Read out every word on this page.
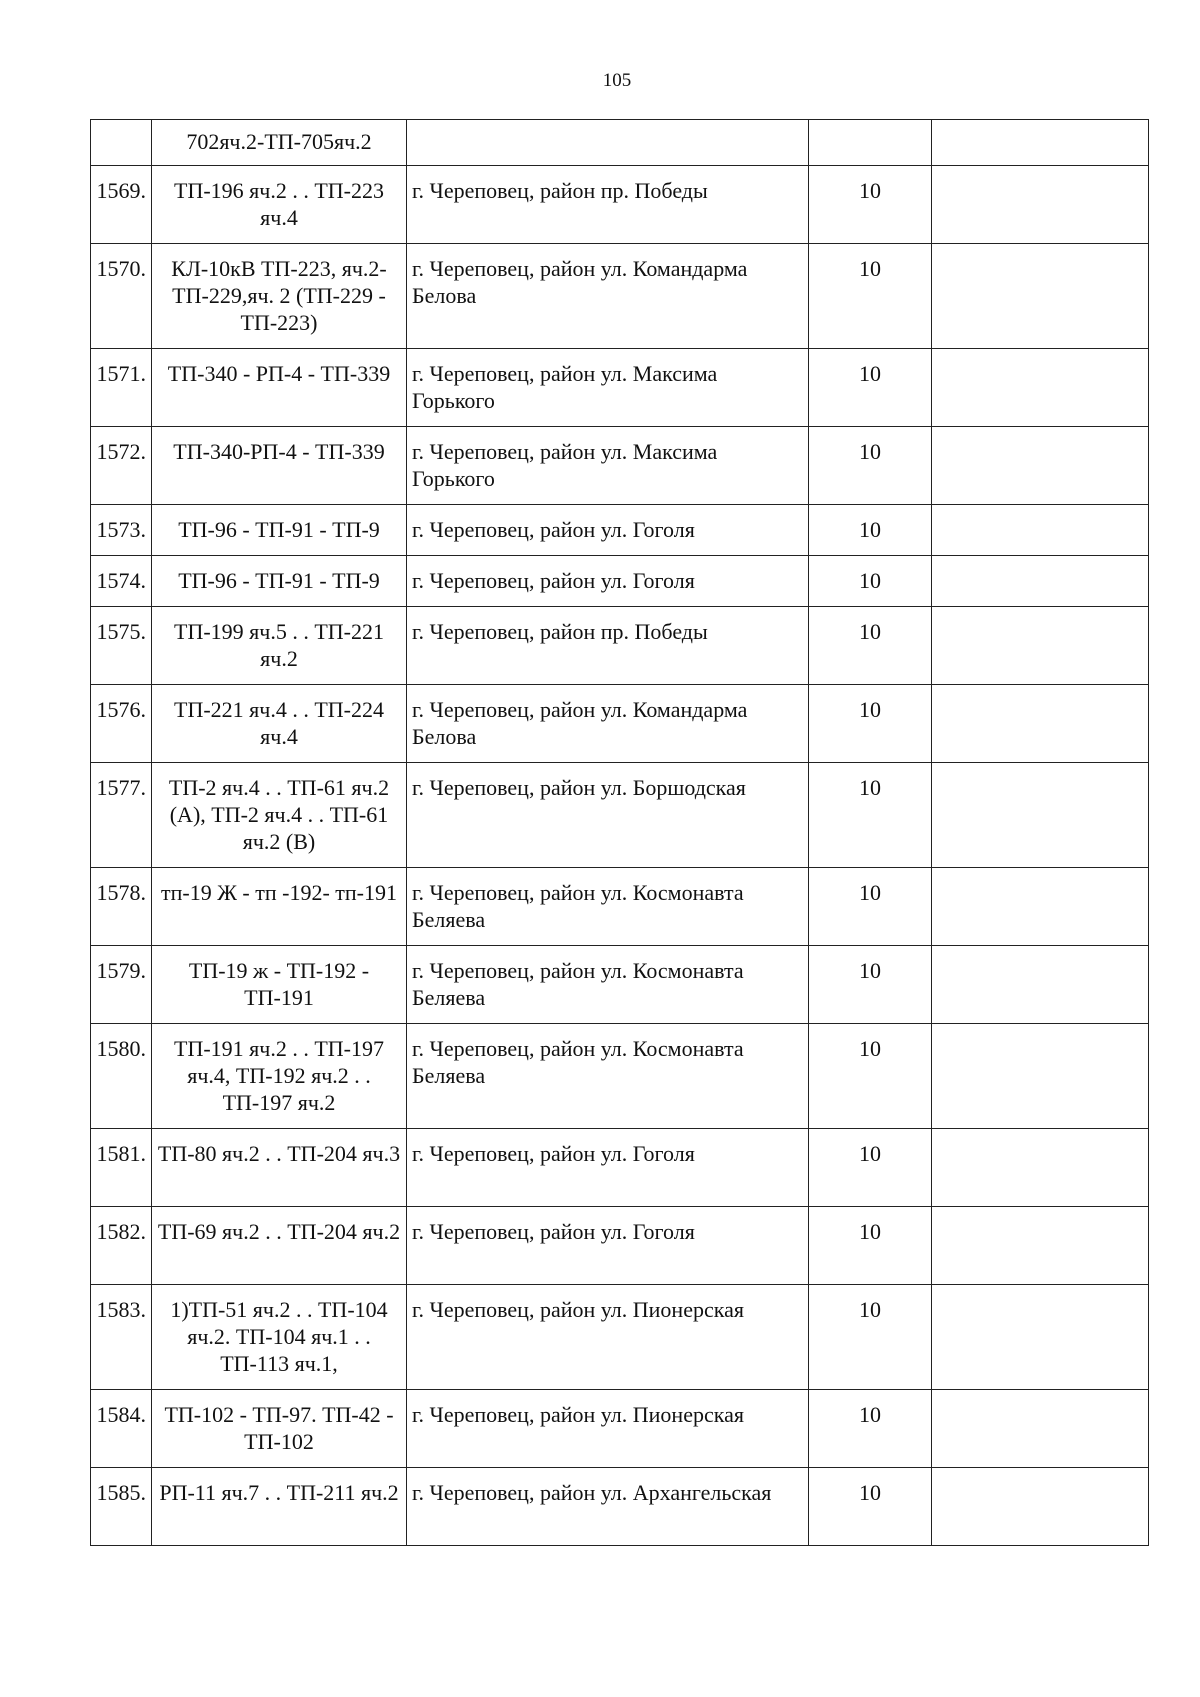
105
	702яч.2-ТП-705яч.2			
1569.	ТП-196 яч.2 . . ТП-223 яч.4	г. Череповец, район пр. Победы	10	
1570.	КЛ-10кВ ТП-223, яч.2-ТП-229,яч. 2 (ТП-229 - ТП-223)	г. Череповец, район ул. Командарма Белова	10	
1571.	ТП-340 - РП-4 - ТП-339	г. Череповец, район ул. Максима Горького	10	
1572.	ТП-340-РП-4 - ТП-339	г. Череповец, район ул. Максима Горького	10	
1573.	ТП-96 - ТП-91 - ТП-9	г. Череповец, район ул. Гоголя	10	
1574.	ТП-96 - ТП-91 - ТП-9	г. Череповец, район ул. Гоголя	10	
1575.	ТП-199 яч.5 . . ТП-221 яч.2	г. Череповец, район пр. Победы	10	
1576.	ТП-221 яч.4 . . ТП-224 яч.4	г. Череповец, район ул. Командарма Белова	10	
1577.	ТП-2 яч.4 . . ТП-61 яч.2 (А), ТП-2 яч.4 . . ТП-61 яч.2 (В)	г. Череповец, район ул. Боршодская	10	
1578.	тп-19 Ж - тп -192- тп-191	г. Череповец, район ул. Космонавта Беляева	10	
1579.	ТП-19 ж - ТП-192 - ТП-191	г. Череповец, район ул. Космонавта Беляева	10	
1580.	ТП-191 яч.2 . . ТП-197 яч.4, ТП-192 яч.2 . . ТП-197 яч.2	г. Череповец, район ул. Космонавта Беляева	10	
1581.	ТП-80 яч.2 . . ТП-204 яч.3	г. Череповец, район ул. Гоголя	10	
1582.	ТП-69 яч.2 . . ТП-204 яч.2	г. Череповец, район ул. Гоголя	10	
1583.	1)ТП-51 яч.2 . . ТП-104 яч.2. ТП-104 яч.1 . . ТП-113 яч.1,	г. Череповец, район ул. Пионерская	10	
1584.	ТП-102 - ТП-97. ТП-42 - ТП-102	г. Череповец, район ул. Пионерская	10	
1585.	РП-11 яч.7 . . ТП-211 яч.2	г. Череповец, район ул. Архангельская	10	
